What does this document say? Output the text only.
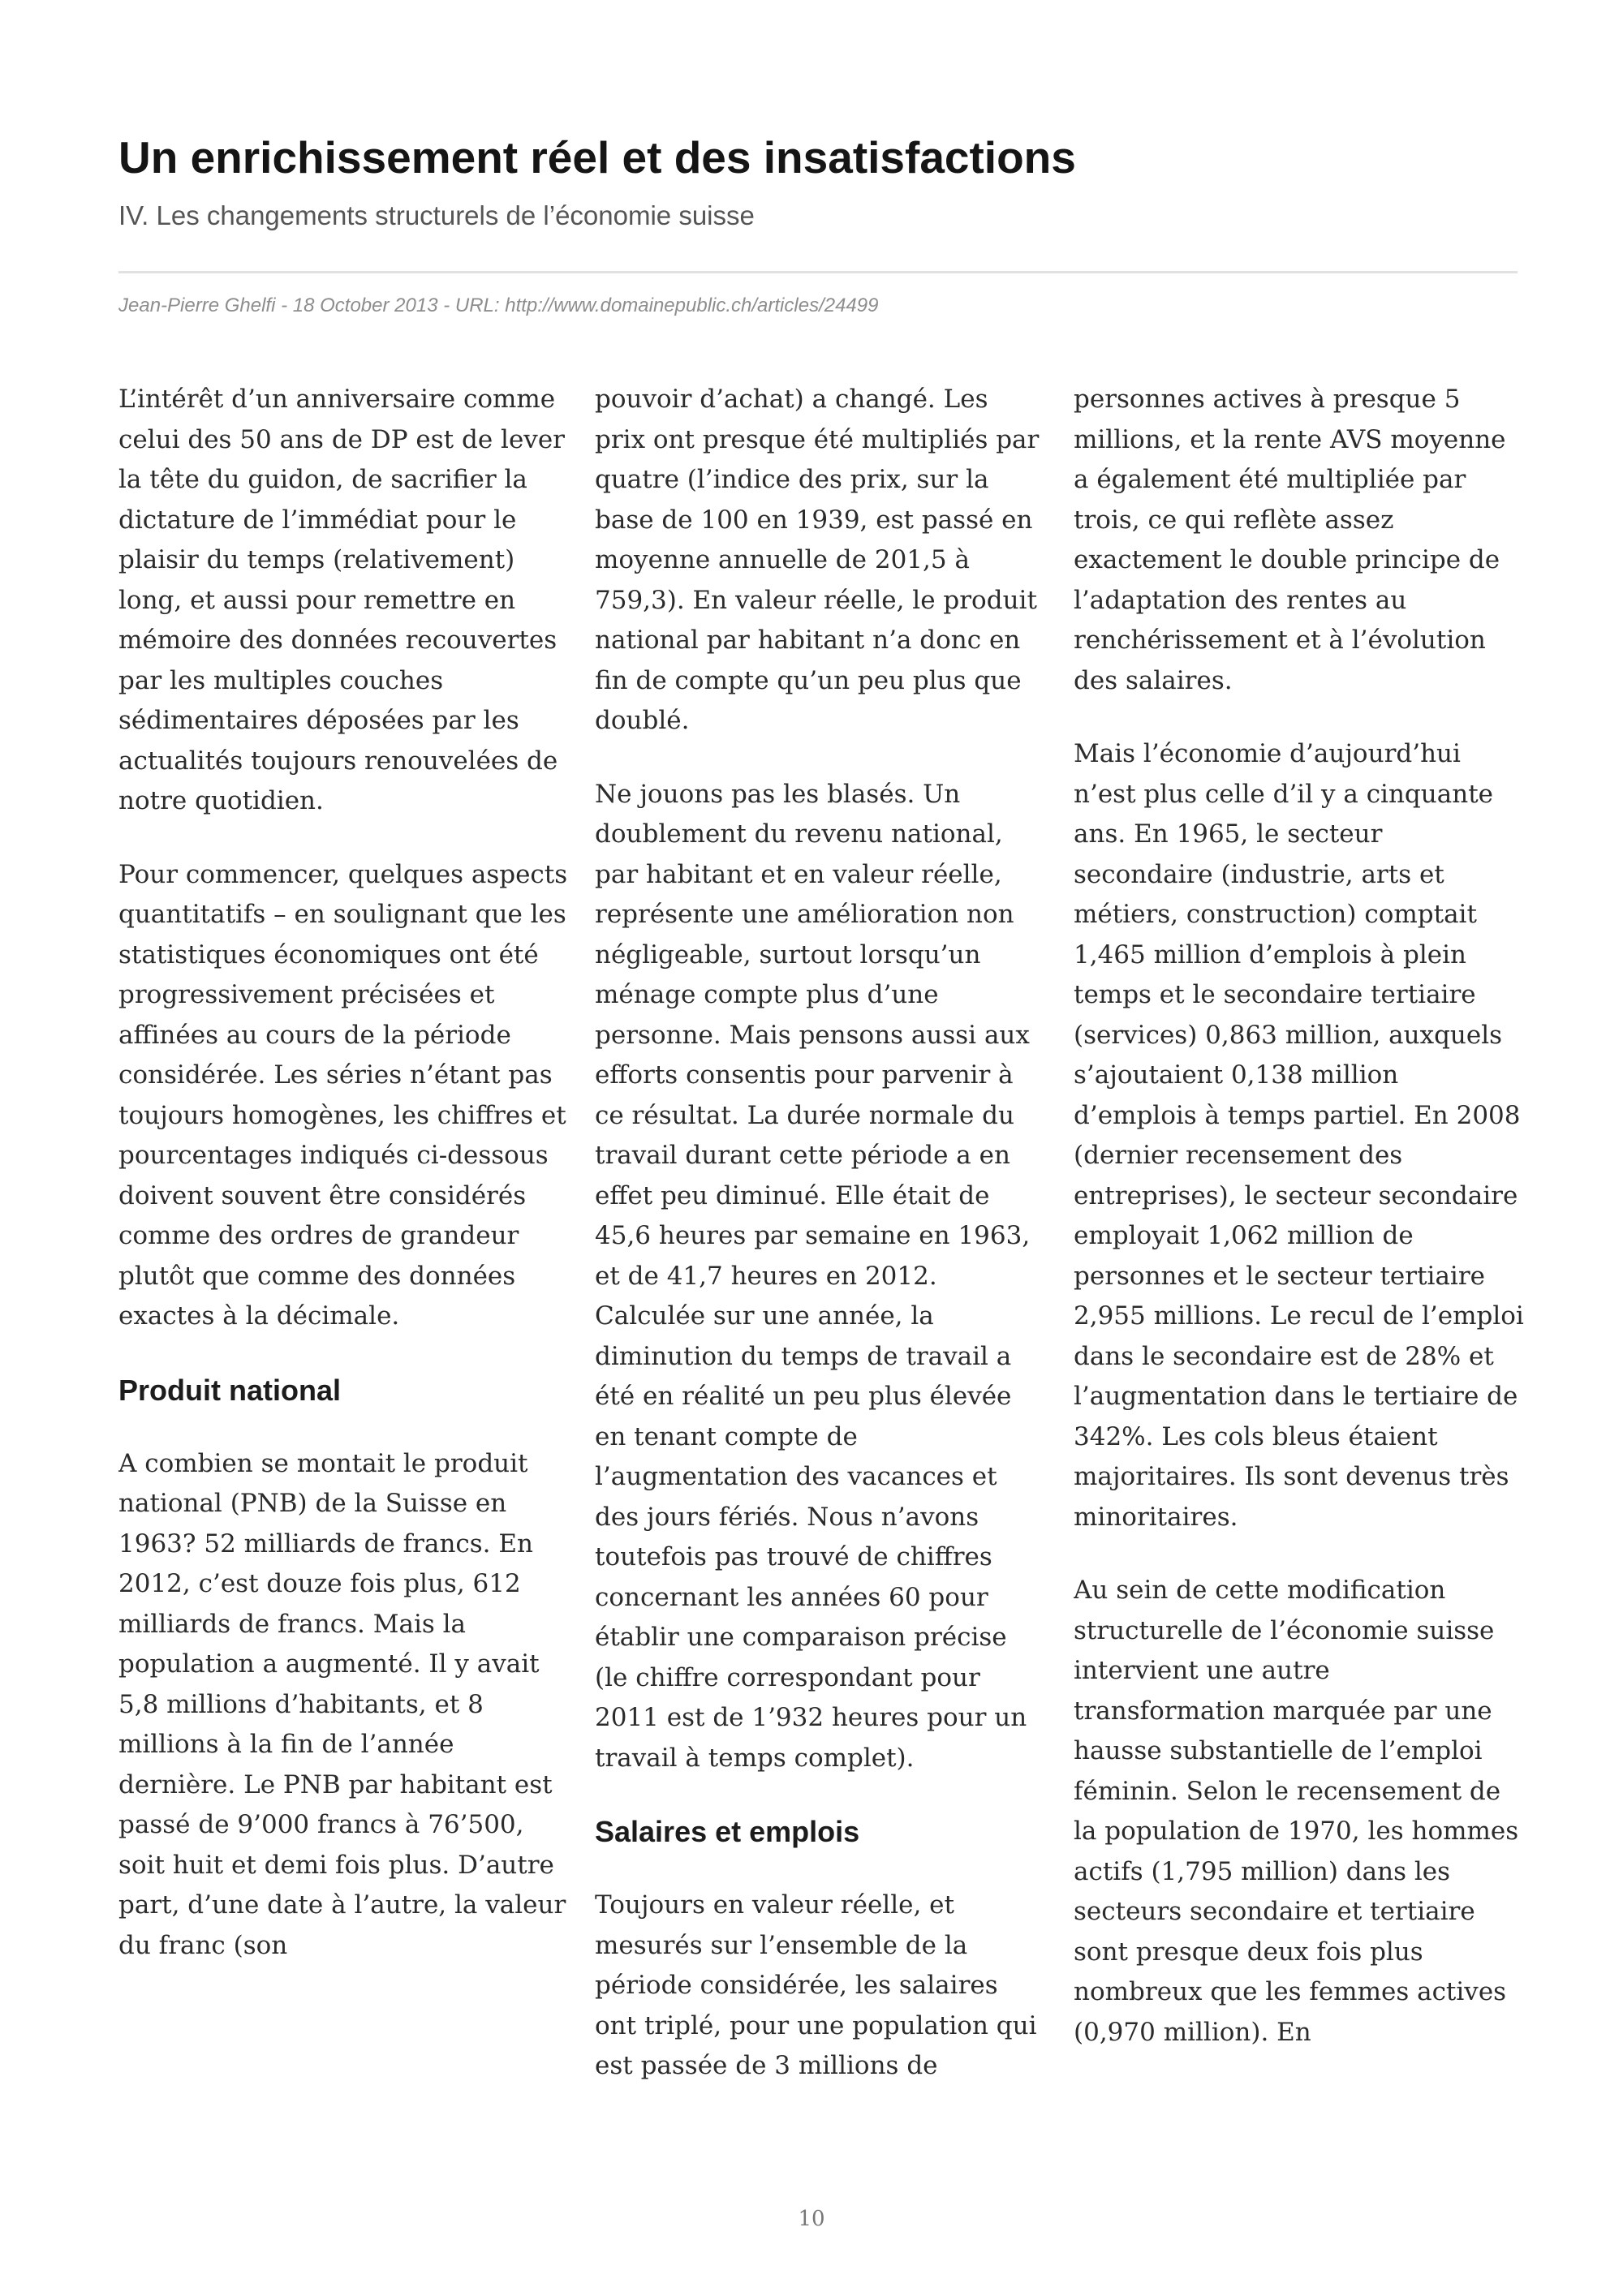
Un enrichissement réel et des insatisfactions

IV. Les changements structurels de l’économie suisse

Jean-Pierre Ghelfi - 18 October 2013 - URL: http://www.domainepublic.ch/articles/24499

L’intérêt d’un anniversaire comme celui des 50 ans de DP est de lever la tête du guidon, de sacrifier la dictature de l’immédiat pour le plaisir du temps (relativement) long, et aussi pour remettre en mémoire des données recouvertes par les multiples couches sédimentaires déposées par les actualités toujours renouvelées de notre quotidien.

Pour commencer, quelques aspects quantitatifs – en soulignant que les statistiques économiques ont été progressivement précisées et affinées au cours de la période considérée. Les séries n’étant pas toujours homogènes, les chiffres et pourcentages indiqués ci-dessous doivent souvent être considérés comme des ordres de grandeur plutôt que comme des données exactes à la décimale.

Produit national

A combien se montait le produit national (PNB) de la Suisse en 1963? 52 milliards de francs. En 2012, c’est douze fois plus, 612 milliards de francs. Mais la population a augmenté. Il y avait 5,8 millions d’habitants, et 8 millions à la fin de l’année dernière. Le PNB par habitant est passé de 9’000 francs à 76’500, soit huit et demi fois plus. D’autre part, d’une date à l’autre, la valeur du franc (son

pouvoir d’achat) a changé. Les prix ont presque été multipliés par quatre (l’indice des prix, sur la base de 100 en 1939, est passé en moyenne annuelle de 201,5 à 759,3). En valeur réelle, le produit national par habitant n’a donc en fin de compte qu’un peu plus que doublé.

Ne jouons pas les blasés. Un doublement du revenu national, par habitant et en valeur réelle, représente une amélioration non négligeable, surtout lorsqu’un ménage compte plus d’une personne. Mais pensons aussi aux efforts consentis pour parvenir à ce résultat. La durée normale du travail durant cette période a en effet peu diminué. Elle était de 45,6 heures par semaine en 1963, et de 41,7 heures en 2012. Calculée sur une année, la diminution du temps de travail a été en réalité un peu plus élevée en tenant compte de l’augmentation des vacances et des jours fériés. Nous n’avons toutefois pas trouvé de chiffres concernant les années 60 pour établir une comparaison précise (le chiffre correspondant pour 2011 est de 1’932 heures pour un travail à temps complet).

Salaires et emplois

Toujours en valeur réelle, et mesurés sur l’ensemble de la période considérée, les salaires ont triplé, pour une population qui est passée de 3 millions de

personnes actives à presque 5 millions, et la rente AVS moyenne a également été multipliée par trois, ce qui reflète assez exactement le double principe de l’adaptation des rentes au renchérissement et à l’évolution des salaires.

Mais l’économie d’aujourd’hui n’est plus celle d’il y a cinquante ans. En 1965, le secteur secondaire (industrie, arts et métiers, construction) comptait 1,465 million d’emplois à plein temps et le secondaire tertiaire (services) 0,863 million, auxquels s’ajoutaient 0,138 million d’emplois à temps partiel. En 2008 (dernier recensement des entreprises), le secteur secondaire employait 1,062 million de personnes et le secteur tertiaire 2,955 millions. Le recul de l’emploi dans le secondaire est de 28% et l’augmentation dans le tertiaire de 342%. Les cols bleus étaient majoritaires. Ils sont devenus très minoritaires.

Au sein de cette modification structurelle de l’économie suisse intervient une autre transformation marquée par une hausse substantielle de l’emploi féminin. Selon le recensement de la population de 1970, les hommes actifs (1,795 million) dans les secteurs secondaire et tertiaire sont presque deux fois plus nombreux que les femmes actives (0,970 million). En

10
